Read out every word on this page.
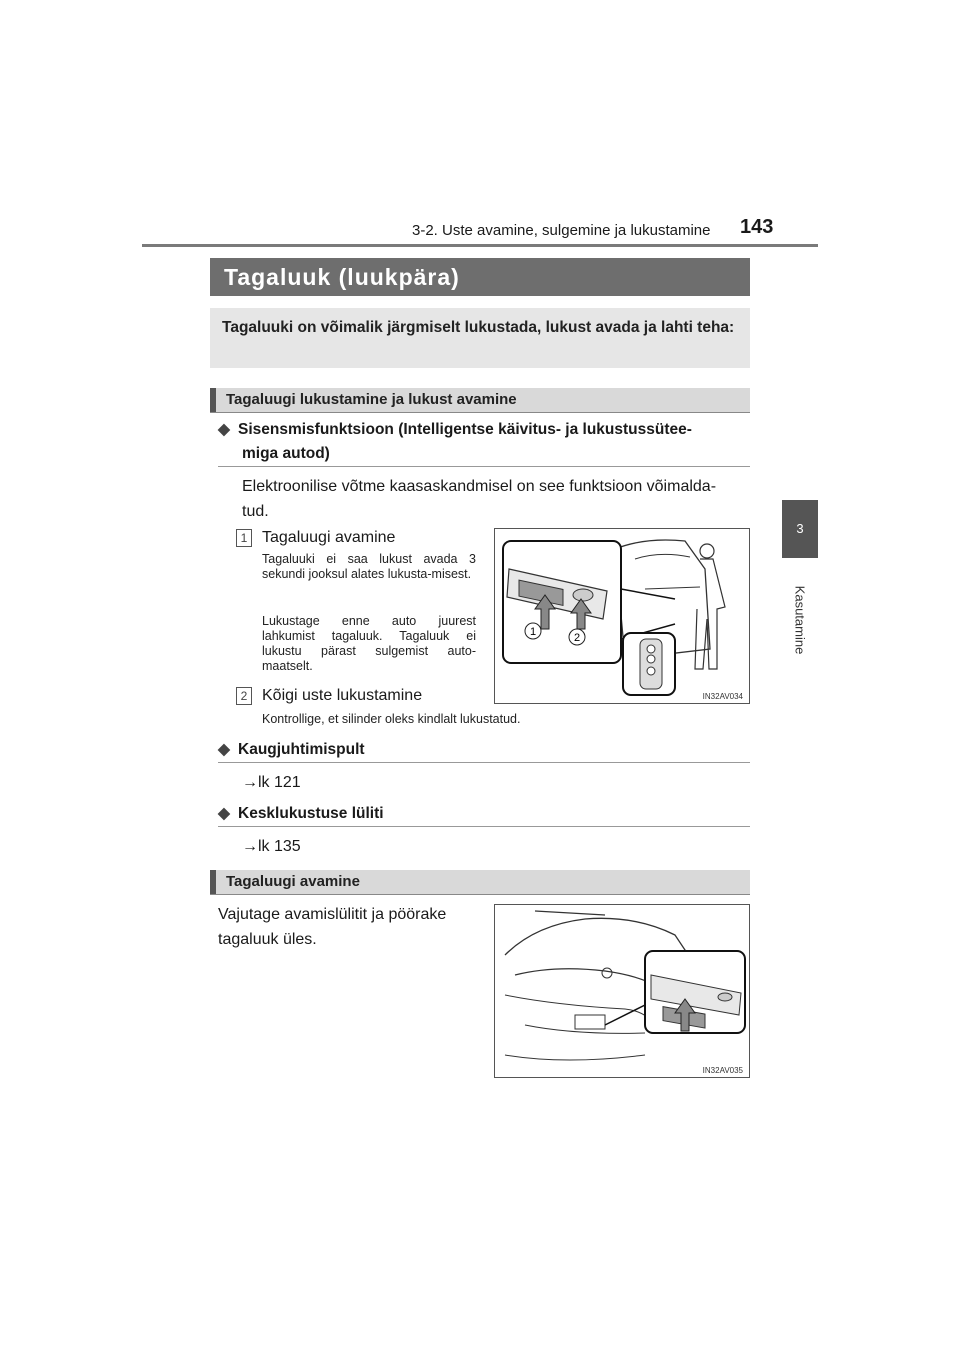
3-2. Uste avamine, sulgemine ja lukustamine 143
3
Kasutamine
Tagaluuk (luukpära)
Tagaluuki on võimalik järgmiselt lukustada, lukust avada ja lahti teha:
Tagaluugi lukustamine ja lukust avamine
◆ Sisensmisfunktsioon (Intelligentse käivitus- ja lukustussütee-
miga autod)
Elektroonilise võtme kaasaskandmisel on see funktsioon võimalda-
tud.
1 Tagaluugi avamine
Tagaluuki ei saa lukust avada 3 sekundi jooksul alates lukusta-misest.
Lukustage enne auto juurest lahkumist tagaluuk. Tagaluuk ei lukustu pärast sulgemist auto-maatselt.
2 Kõigi uste lukustamine
Kontrollige, et silinder oleks kindlalt lukustatud.
1	2
IN32AV034
◆ Kaugjuhtimispult
→lk 121
◆ Kesklukustuse lüliti
→lk 135
Tagaluugi avamine
Vajutage avamislülitit ja pöörake
tagaluuk üles.
IN32AV035
